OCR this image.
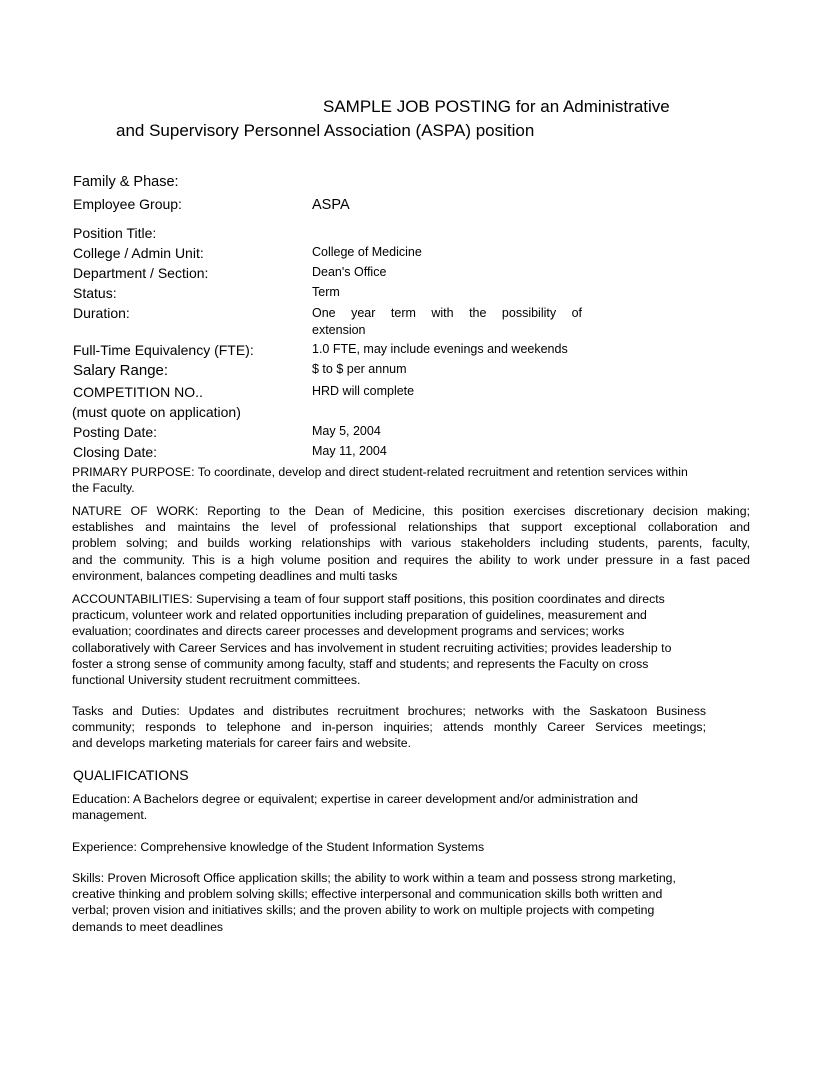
SAMPLE JOB POSTING for an Administrative
and Supervisory Personnel Association (ASPA) position
Family & Phase:
Employee Group:	ASPA
Position Title:
College / Admin Unit:	College of Medicine
Department / Section:	Dean's Office
Status:	Term
Duration:	One year term with the possibility of
extension
Full-Time Equivalency (FTE):	1.0 FTE, may include evenings and weekends
Salary Range:	$ to $ per annum
COMPETITION NO..	HRD will complete
(must quote on application)
Posting Date:	May 5, 2004
Closing Date:	May 11, 2004
PRIMARY PURPOSE: To coordinate, develop and direct student-related recruitment and retention services within
the Faculty.
NATURE OF WORK: Reporting to the Dean of Medicine, this position exercises discretionary decision making;
establishes and maintains the level of professional relationships that support exceptional collaboration and
problem solving; and builds working relationships with various stakeholders including students, parents, faculty,
and the community. This is a high volume position and requires the ability to work under pressure in a fast paced
environment, balances competing deadlines and multi tasks
ACCOUNTABILITIES: Supervising a team of four support staff positions, this position coordinates and directs
practicum, volunteer work and related opportunities including preparation of guidelines, measurement and
evaluation; coordinates and directs career processes and development programs and services; works
collaboratively with Career Services and has involvement in student recruiting activities; provides leadership to
foster a strong sense of community among faculty, staff and students; and represents the Faculty on cross
functional University student recruitment committees.
Tasks and Duties: Updates and distributes recruitment brochures; networks with the Saskatoon Business
community; responds to telephone and in-person inquiries; attends monthly Career Services meetings;
and develops marketing materials for career fairs and website.
QUALIFICATIONS
Education: A Bachelors degree or equivalent; expertise in career development and/or administration and
management.
Experience: Comprehensive knowledge of the Student Information Systems
Skills: Proven Microsoft Office application skills; the ability to work within a team and possess strong marketing,
creative thinking and problem solving skills; effective interpersonal and communication skills both written and
verbal; proven vision and initiatives skills; and the proven ability to work on multiple projects with competing
demands to meet deadlines
